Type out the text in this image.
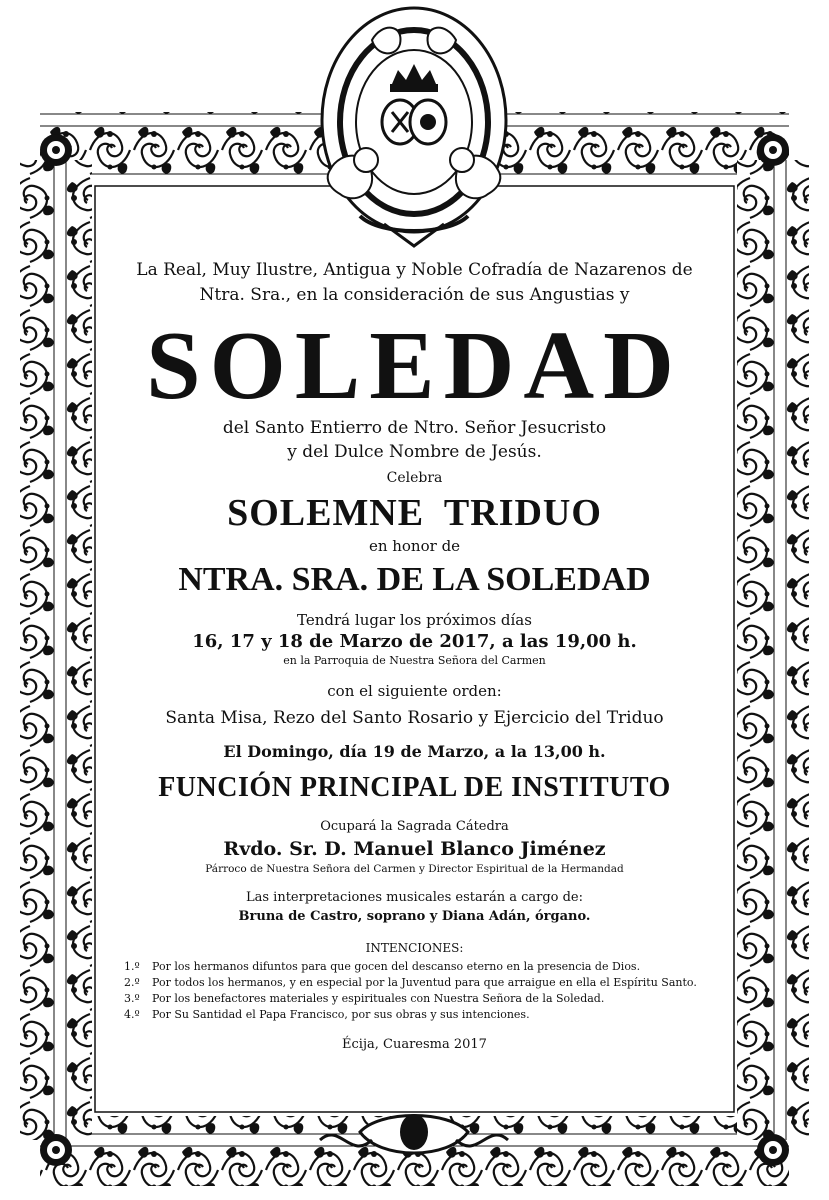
La Real, Muy Ilustre, Antigua y Noble Cofradía de Nazarenos de
Ntra. Sra., en la consideración de sus Angustias y
SOLEDAD
del Santo Entierro de Ntro. Señor Jesucristo
y del Dulce Nombre de Jesús.
Celebra
SOLEMNE TRIDUO
en honor de
NTRA. SRA. DE LA SOLEDAD
Tendrá lugar los próximos días
16, 17 y 18 de Marzo de 2017, a las 19,00 h.
en la Parroquia de Nuestra Señora del Carmen
con el siguiente orden:
Santa Misa, Rezo del Santo Rosario y Ejercicio del Triduo
El Domingo, día 19 de Marzo, a la 13,00 h.
FUNCIÓN PRINCIPAL DE INSTITUTO
Ocupará la Sagrada Cátedra
Rvdo. Sr. D. Manuel Blanco Jiménez
Párroco de Nuestra Señora del Carmen y Director Espiritual de la Hermandad
Las interpretaciones musicales estarán a cargo de:
Bruna de Castro, soprano y Diana Adán, órgano.
INTENCIONES:
1.º Por los hermanos difuntos para que gocen del descanso eterno en la presencia de Dios.
2.º Por todos los hermanos, y en especial por la Juventud para que arraigue en ella el Espíritu Santo.
3.º Por los benefactores materiales y espirituales con Nuestra Señora de la Soledad.
4.º Por Su Santidad el Papa Francisco, por sus obras y sus intenciones.
Écija, Cuaresma 2017
